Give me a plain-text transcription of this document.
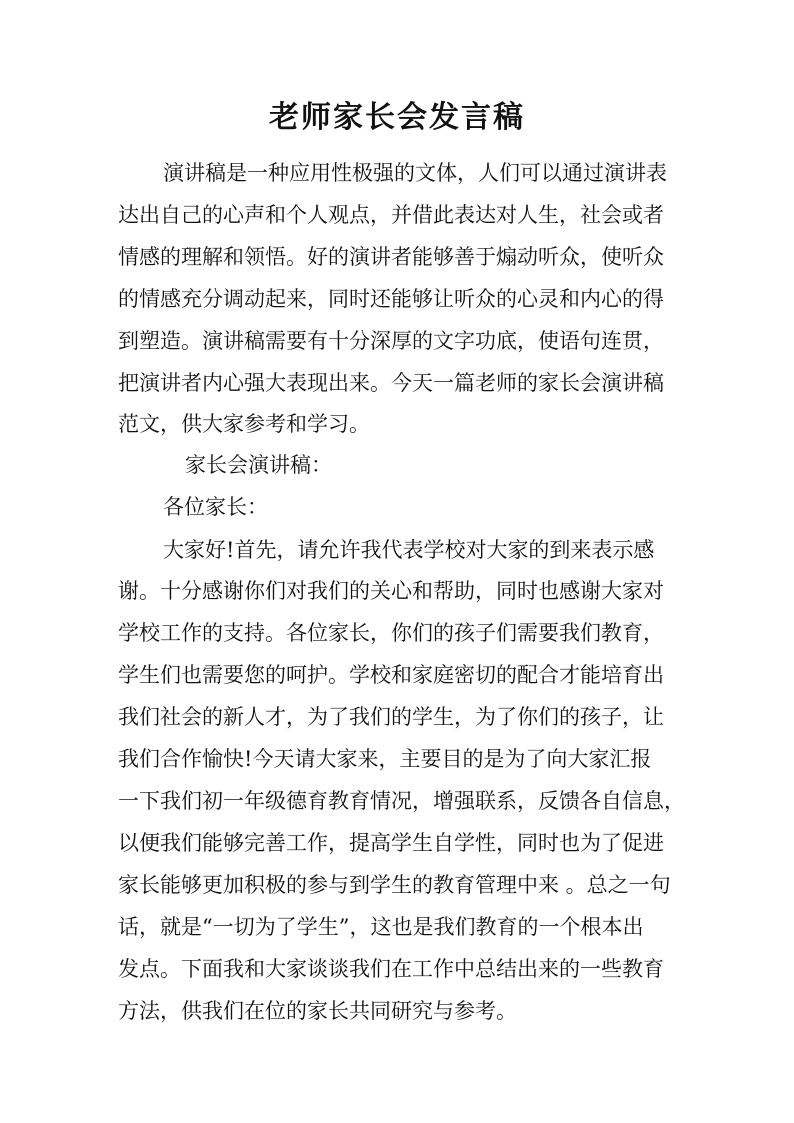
老师家长会发言稿
演讲稿是一种应用性极强的文体，人们可以通过演讲表
达出自己的心声和个人观点，并借此表达对人生，社会或者
情感的理解和领悟。好的演讲者能够善于煽动听众，使听众
的情感充分调动起来，同时还能够让听众的心灵和内心的得
到塑造。演讲稿需要有十分深厚的文字功底，使语句连贯，
把演讲者内心强大表现出来。今天一篇老师的家长会演讲稿
范文，供大家参考和学习。
家长会演讲稿：
各位家长：
大家好!首先，请允许我代表学校对大家的到来表示感
谢。十分感谢你们对我们的关心和帮助，同时也感谢大家对
学校工作的支持。各位家长，你们的孩子们需要我们教育，
学生们也需要您的呵护。学校和家庭密切的配合才能培育出
我们社会的新人才，为了我们的学生，为了你们的孩子，让
我们合作愉快!今天请大家来，主要目的是为了向大家汇报
一下我们初一年级德育教育情况，增强联系，反馈各自信息，
以便我们能够完善工作，提高学生自学性，同时也为了促进
家长能够更加积极的参与到学生的教育管理中来 。总之一句
话，就是“一切为了学生”，这也是我们教育的一个根本出
发点。下面我和大家谈谈我们在工作中总结出来的一些教育
方法，供我们在位的家长共同研究与参考。
